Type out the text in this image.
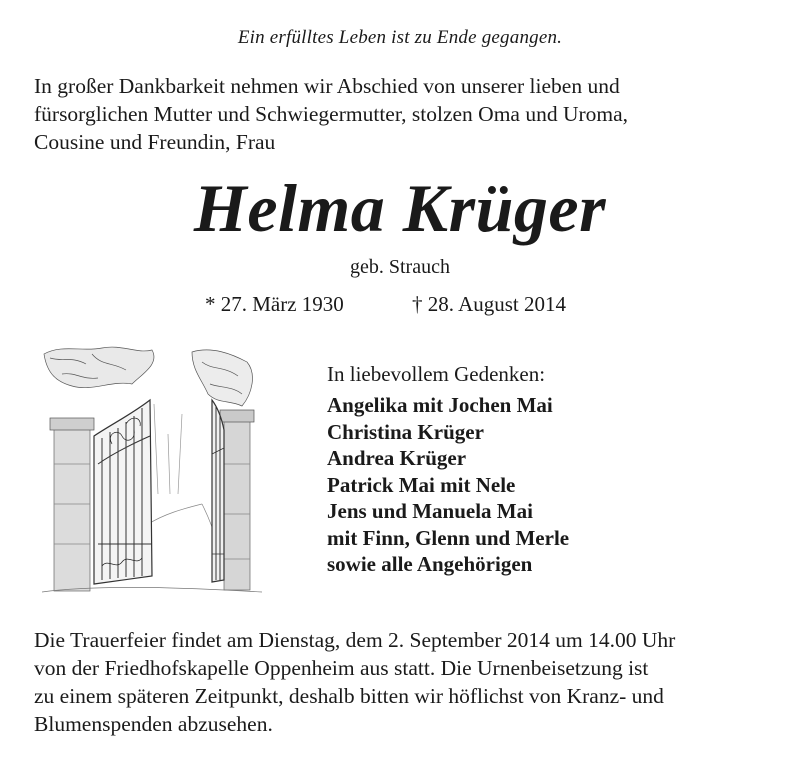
Ein erfülltes Leben ist zu Ende gegangen.
In großer Dankbarkeit nehmen wir Abschied von unserer lieben und
fürsorglichen Mutter und Schwiegermutter, stolzen Oma und Uroma,
Cousine und Freundin, Frau
Helma Krüger
geb. Strauch
* 27. März 1930	† 28. August 2014
In liebevollem Gedenken:
Angelika mit Jochen Mai
Christina Krüger
Andrea Krüger
Patrick Mai mit Nele
Jens und Manuela Mai
mit Finn, Glenn und Merle
sowie alle Angehörigen
Die Trauerfeier findet am Dienstag, dem 2. September 2014 um 14.00 Uhr
von der Friedhofskapelle Oppenheim aus statt. Die Urnenbeisetzung ist
zu einem späteren Zeitpunkt, deshalb bitten wir höflichst von Kranz- und
Blumenspenden abzusehen.
